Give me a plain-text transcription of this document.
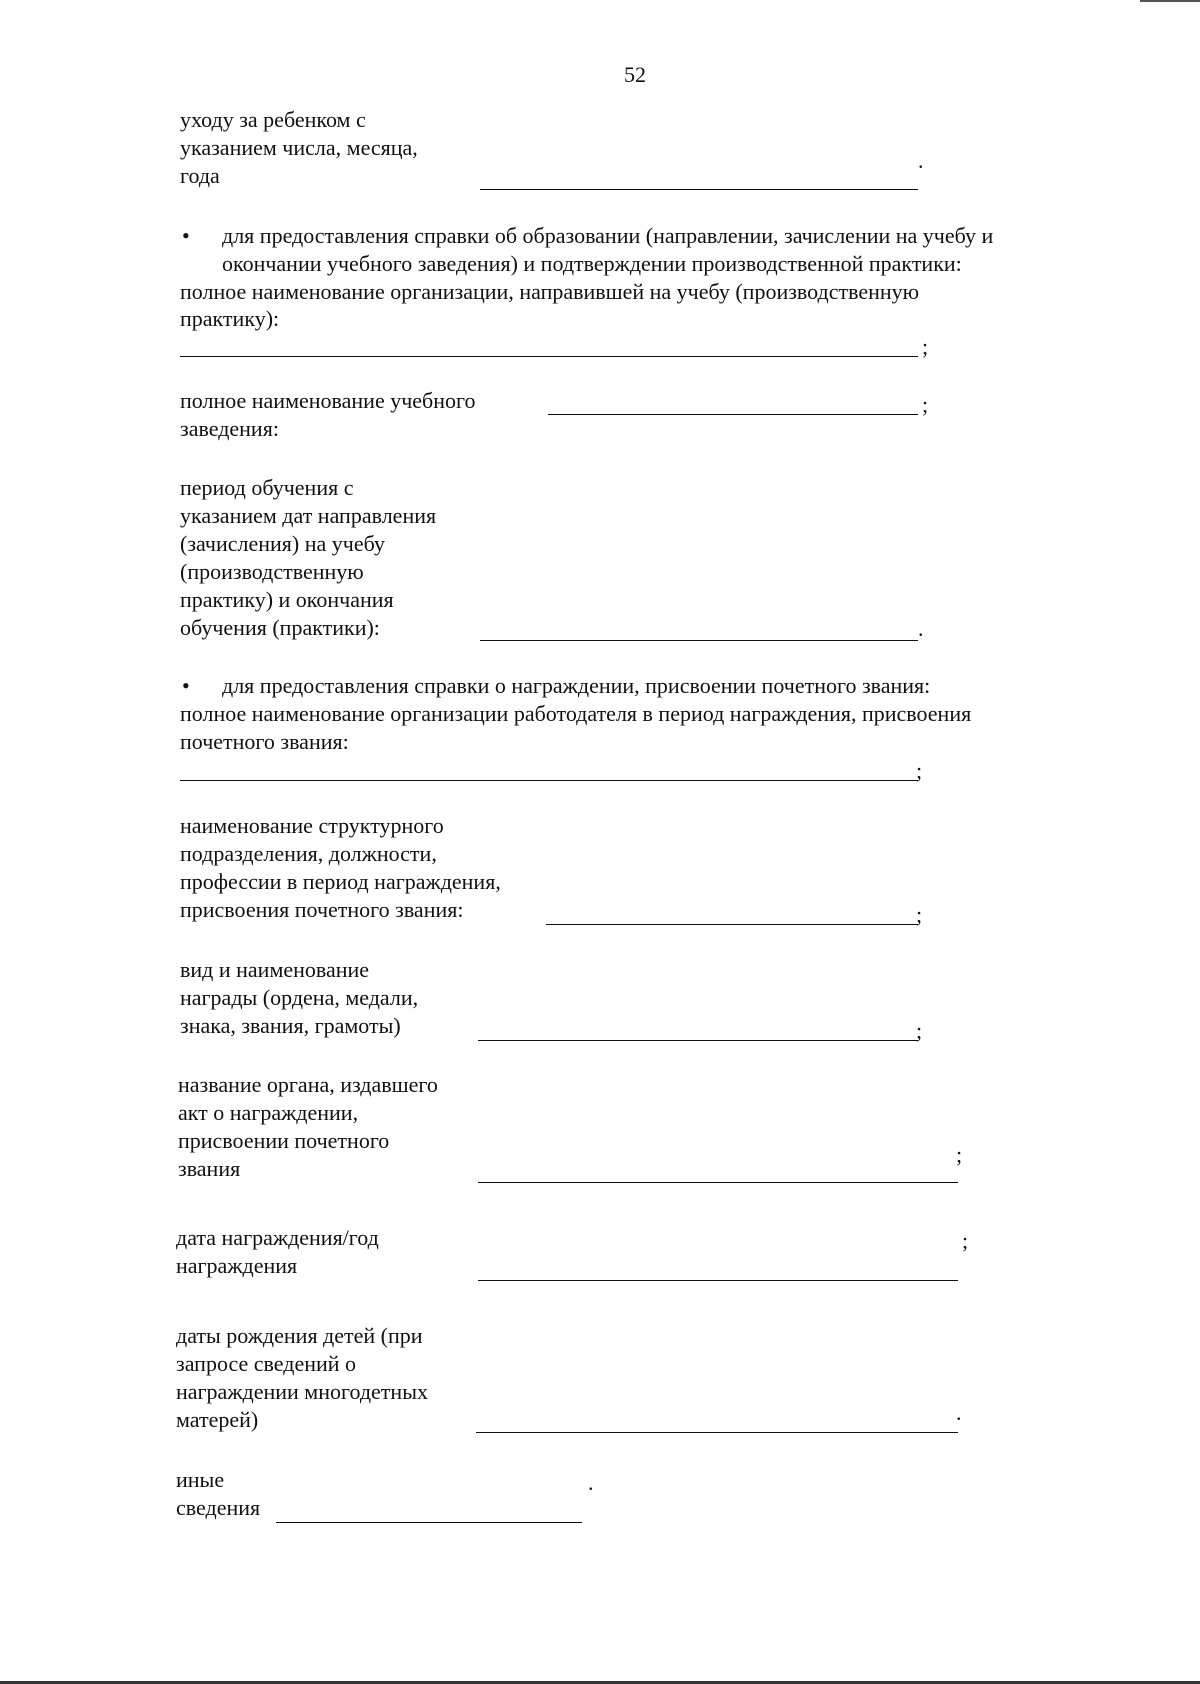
52
уходу за ребенком с
указанием числа, месяца,
года
.
• для предоставления справки об образовании (направлении, зачислении на учебу и
окончании учебного заведения) и подтверждении производственной практики:
полное наименование организации, направившей на учебу (производственную
практику):
;
полное наименование учебного
заведения:
;
период обучения с
указанием дат направления
(зачисления) на учебу
(производственную
практику) и окончания
обучения (практики):	.
• для предоставления справки о награждении, присвоении почетного звания:
полное наименование организации работодателя в период награждения, присвоения
почетного звания:
;
наименование структурного
подразделения, должности,
профессии в период награждения,
присвоения почетного звания:	;
вид и наименование
награды (ордена, медали,
знака, звания, грамоты)	;
название органа, издавшего
акт о награждении,
присвоении почетного
звания
;
дата награждения/год
награждения
;
даты рождения детей (при
запросе сведений о
награждении многодетных
матерей)	.
иные
сведения
.
